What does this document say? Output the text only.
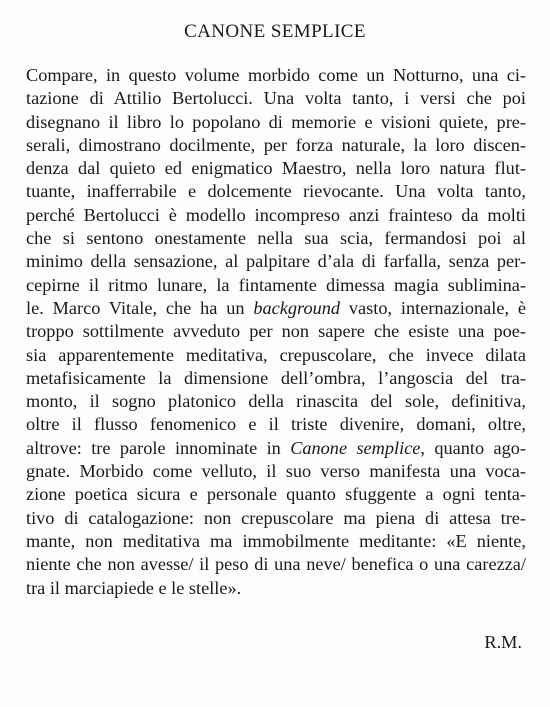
CANONE SEMPLICE
Compare, in questo volume morbido come un Notturno, una ci-
tazione di Attilio Bertolucci. Una volta tanto, i versi che poi
disegnano il libro lo popolano di memorie e visioni quiete, pre-
serali, dimostrano docilmente, per forza naturale, la loro discen-
denza dal quieto ed enigmatico Maestro, nella loro natura flut-
tuante, inafferrabile e dolcemente rievocante. Una volta tanto,
perché Bertolucci è modello incompreso anzi frainteso da molti
che si sentono onestamente nella sua scia, fermandosi poi al
minimo della sensazione, al palpitare d’ala di farfalla, senza per-
cepirne il ritmo lunare, la fintamente dimessa magia sublimina-
le. Marco Vitale, che ha un background vasto, internazionale, è
troppo sottilmente avveduto per non sapere che esiste una poe-
sia apparentemente meditativa, crepuscolare, che invece dilata
metafisicamente la dimensione dell’ombra, l’angoscia del tra-
monto, il sogno platonico della rinascita del sole, definitiva,
oltre il flusso fenomenico e il triste divenire, domani, oltre,
altrove: tre parole innominate in Canone semplice, quanto ago-
gnate. Morbido come velluto, il suo verso manifesta una voca-
zione poetica sicura e personale quanto sfuggente a ogni tenta-
tivo di catalogazione: non crepuscolare ma piena di attesa tre-
mante, non meditativa ma immobilmente meditante: «E niente,
niente che non avesse/ il peso di una neve/ benefica o una carezza/
tra il marciapiede e le stelle».
R.M.
